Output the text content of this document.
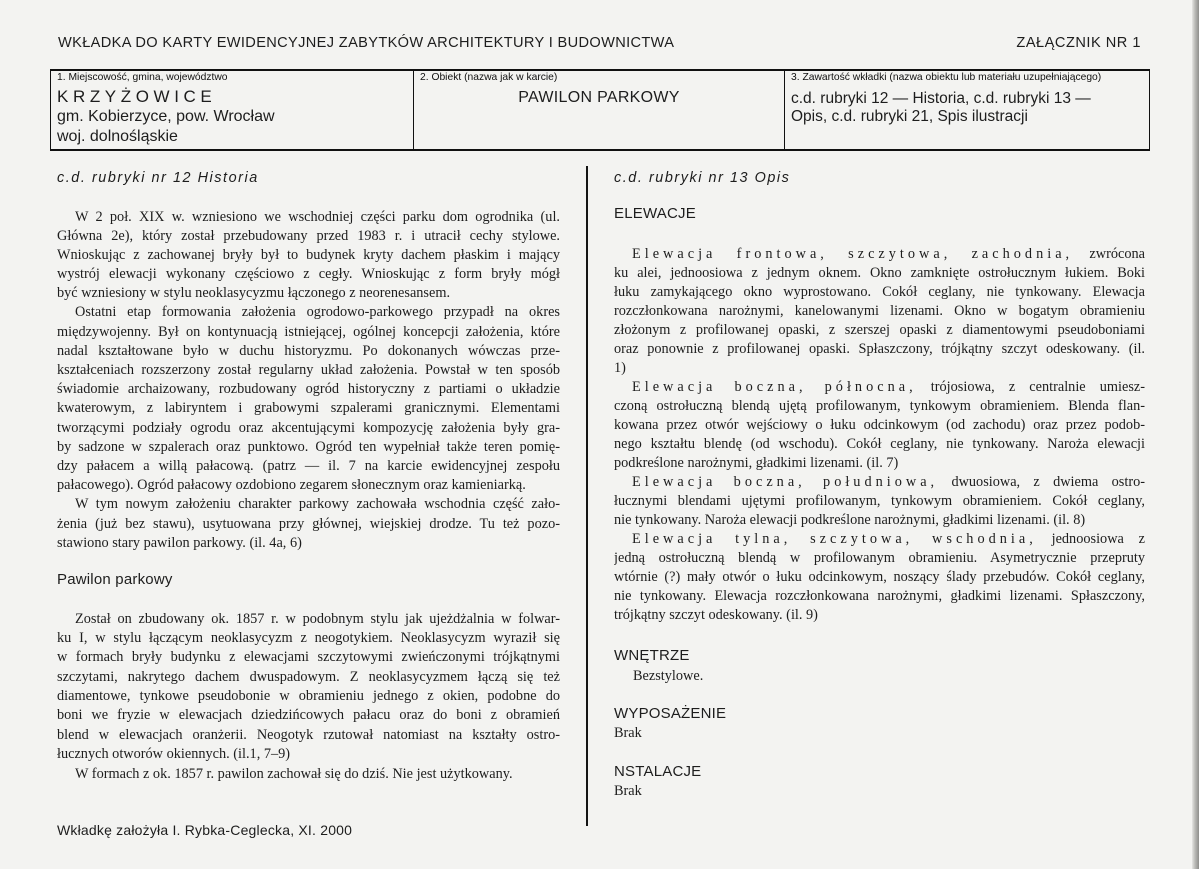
WKŁADKA DO KARTY EWIDENCYJNEJ ZABYTKÓW ARCHITEKTURY I BUDOWNICTWA	ZAŁĄCZNIK NR 1
1. Miejscowość, gmina, województwo
KRZYŻOWICE
gm. Kobierzyce, pow. Wrocław
woj. dolnośląskie
2. Obiekt (nazwa jak w karcie)
PAWILON PARKOWY
3. Zawartość wkładki (nazwa obiektu lub materiału uzupełniającego)
c.d. rubryki 12 — Historia, c.d. rubryki 13 —
Opis, c.d. rubryki 21, Spis ilustracji
c.d. rubryki nr 12 Historia
W 2 poł. XIX w. wzniesiono we wschodniej części parku dom ogrodnika (ul.
Główna 2e), który został przebudowany przed 1983 r. i utracił cechy stylowe.
Wnioskując z zachowanej bryły był to budynek kryty dachem płaskim i mający
wystrój elewacji wykonany częściowo z cegły. Wnioskując z form bryły mógł
być wzniesiony w stylu neoklasycyzmu łączonego z neorenesansem.
Ostatni etap formowania założenia ogrodowo-parkowego przypadł na okres
międzywojenny. Był on kontynuacją istniejącej, ogólnej koncepcji założenia, które
nadal kształtowane było w duchu historyzmu. Po dokonanych wówczas prze-
kształceniach rozszerzony został regularny układ założenia. Powstał w ten sposób
świadomie archaizowany, rozbudowany ogród historyczny z partiami o układzie
kwaterowym, z labiryntem i grabowymi szpalerami granicznymi. Elementami
tworzącymi podziały ogrodu oraz akcentującymi kompozycję założenia były gra-
by sadzone w szpalerach oraz punktowo. Ogród ten wypełniał także teren pomię-
dzy pałacem a willą pałacową. (patrz — il. 7 na karcie ewidencyjnej zespołu
pałacowego). Ogród pałacowy ozdobiono zegarem słonecznym oraz kamieniarką.
W tym nowym założeniu charakter parkowy zachowała wschodnia część zało-
żenia (już bez stawu), usytuowana przy głównej, wiejskiej drodze. Tu też pozo-
stawiono stary pawilon parkowy. (il. 4a, 6)
Pawilon parkowy
Został on zbudowany ok. 1857 r. w podobnym stylu jak ujeżdżalnia w folwar-
ku I, w stylu łączącym neoklasycyzm z neogotykiem. Neoklasycyzm wyraził się
w formach bryły budynku z elewacjami szczytowymi zwieńczonymi trójkątnymi
szczytami, nakrytego dachem dwuspadowym. Z neoklasycyzmem łączą się też
diamentowe, tynkowe pseudobonie w obramieniu jednego z okien, podobne do
boni we fryzie w elewacjach dziedzińcowych pałacu oraz do boni z obramień
blend w elewacjach oranżerii. Neogotyk rzutował natomiast na kształty ostro-
łucznych otworów okiennych. (il.1, 7–9)
W formach z ok. 1857 r. pawilon zachował się do dziś. Nie jest użytkowany.
Wkładkę założyła I. Rybka-Ceglecka, XI. 2000
c.d. rubryki nr 13 Opis
ELEWACJE
Elewacja frontowa, szczytowa, zachodnia, zwrócona
ku alei, jednoosiowa z jednym oknem. Okno zamknięte ostrołucznym łukiem. Boki
łuku zamykającego okno wyprostowano. Cokół ceglany, nie tynkowany. Elewacja
rozczłonkowana narożnymi, kanelowanymi lizenami. Okno w bogatym obramieniu
złożonym z profilowanej opaski, z szerszej opaski z diamentowymi pseudoboniami
oraz ponownie z profilowanej opaski. Spłaszczony, trójkątny szczyt odeskowany. (il.
1)
Elewacja boczna, północna, trójosiowa, z centralnie umiesz-
czoną ostrołuczną blendą ujętą profilowanym, tynkowym obramieniem. Blenda flan-
kowana przez otwór wejściowy o łuku odcinkowym (od zachodu) oraz przez podob-
nego kształtu blendę (od wschodu). Cokół ceglany, nie tynkowany. Naroża elewacji
podkreślone narożnymi, gładkimi lizenami. (il. 7)
Elewacja boczna, południowa, dwuosiowa, z dwiema ostro-
łucznymi blendami ujętymi profilowanym, tynkowym obramieniem. Cokół ceglany,
nie tynkowany. Naroża elewacji podkreślone narożnymi, gładkimi lizenami. (il. 8)
Elewacja tylna, szczytowa, wschodnia, jednoosiowa z
jedną ostrołuczną blendą w profilowanym obramieniu. Asymetrycznie przepruty
wtórnie (?) mały otwór o łuku odcinkowym, noszący ślady przebudów. Cokół ceglany,
nie tynkowany. Elewacja rozczłonkowana narożnymi, gładkimi lizenami. Spłaszczony,
trójkątny szczyt odeskowany. (il. 9)
WNĘTRZE
Bezstylowe.
WYPOSAŻENIE
Brak
NSTALACJE
Brak
